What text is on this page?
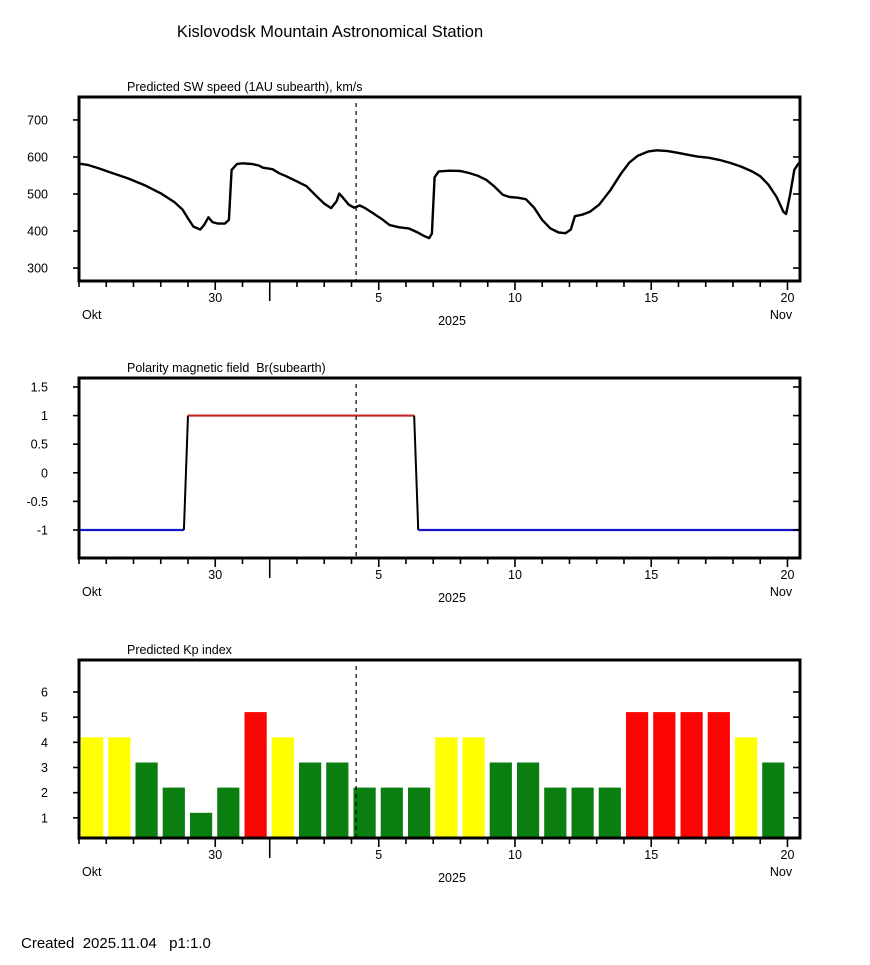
Kislovodsk Mountain Astronomical Station
Predicted SW speed (1AU subearth), km/s
Polarity magnetic field  Br(subearth)
Predicted Kp index
30	5	10	15	20
Okt	2025	Nov
300
400
500
600
700
30	5	10	15	20
Okt	2025	Nov
-1
-0.5
0
0.5
1
1.5
30	5	10	15	20
Okt	2025	Nov
1
2
3
4
5
6
Created  2025.11.04   p1:1.0
